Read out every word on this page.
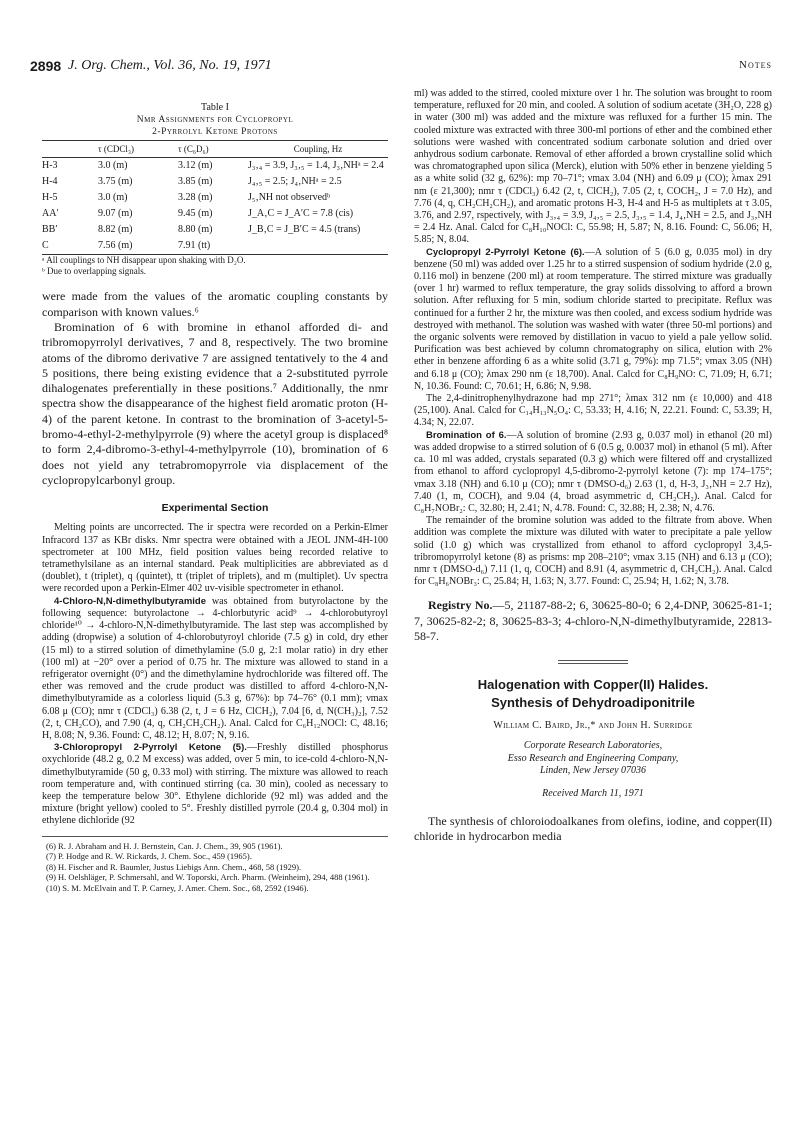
2898 J. Org. Chem., Vol. 36, No. 19, 1971	Notes
Table I
Nmr Assignments for Cyclopropyl
2-Pyrrolyl Ketone Protons
	τ (CDCl₃)	τ (C₆D₆)	Coupling, Hz
H-3	3.0 (m)	3.12 (m)	J₃‚₄ = 3.9, J₃‚₅ = 1.4, J₃‚NHᵃ = 2.4
H-4	3.75 (m)	3.85 (m)	J₄‚₅ = 2.5; J₄‚NHᵃ = 2.5
H-5	3.0 (m)	3.28 (m)	J₅‚NH not observedᵇ
AA′	9.07 (m)	9.45 (m)	J_A‚C = J_A′C = 7.8 (cis)
BB′	8.82 (m)	8.80 (m)	J_B‚C = J_B′C = 4.5 (trans)
C	7.56 (m)	7.91 (tt)	
ᵃ All couplings to NH disappear upon shaking with D₂O.
ᵇ Due to overlapping signals.

were made from the values of the aromatic coupling constants by comparison with known values.⁶

Bromination of 6 with bromine in ethanol afforded di- and tribromopyrrolyl derivatives, 7 and 8, respectively. The two bromine atoms of the dibromo derivative 7 are assigned tentatively to the 4 and 5 positions, there being existing evidence that a 2-substituted pyrrole dihalogenates preferentially in these positions.⁷ Additionally, the nmr spectra show the disappearance of the highest field aromatic proton (H-4) of the parent ketone. In contrast to the bromination of 3-acetyl-5-bromo-4-ethyl-2-methylpyrrole (9) where the acetyl group is displaced⁸ to form 2,4-dibromo-3-ethyl-4-methylpyrrole (10), bromination of 6 does not yield any tetrabromopyrrole via displacement of the cyclopropylcarbonyl group.

Experimental Section

Melting points are uncorrected. The ir spectra were recorded on a Perkin-Elmer Infracord 137 as KBr disks. Nmr spectra were obtained with a JEOL JNM-4H-100 spectrometer at 100 MHz, field position values being recorded relative to tetramethylsilane as an internal standard. Peak multiplicities are abbreviated as d (doublet), t (triplet), q (quintet), tt (triplet of triplets), and m (multiplet). Uv spectra were recorded upon a Perkin-Elmer 402 uv-visible spectrometer in ethanol.

4-Chloro-N,N-dimethylbutyramide was obtained from butyrolactone by the following sequence: butyrolactone → 4-chlorbutyric acid⁹ → 4-chlorobutyroyl chloride¹⁰ → 4-chloro-N,N-dimethylbutyramide. The last step was accomplished by adding (dropwise) a solution of 4-chlorobutyroyl chloride (7.5 g) in cold, dry ether (15 ml) to a stirred solution of dimethylamine (5.0 g, 2:1 molar ratio) in dry ether (100 ml) at −20° over a period of 0.75 hr. The mixture was allowed to stand in a refrigerator overnight (0°) and the dimethylamine hydrochloride was filtered off. The ether was removed and the crude product was distilled to afford 4-chloro-N,N-dimethylbutyramide as a colorless liquid (5.3 g, 67%): bp 74–76° (0.1 mm); νmax 6.08 μ (CO); nmr τ (CDCl₃) 6.38 (2, t, J = 6 Hz, ClCH₂), 7.04 [6, d, N(CH₃)₂], 7.52 (2, t, CH₂CO), and 7.90 (4, q, CH₂CH₂CH₂). Anal. Calcd for C₆H₁₂NOCl: C, 48.16; H, 8.08; N, 9.36. Found: C, 48.12; H, 8.07; N, 9.16.

3-Chloropropyl 2-Pyrrolyl Ketone (5).—Freshly distilled phosphorus oxychloride (48.2 g, 0.2 M excess) was added, over 5 min, to ice-cold 4-chloro-N,N-dimethylbutyramide (50 g, 0.33 mol) with stirring. The mixture was allowed to reach room temperature and, with continued stirring (ca. 30 min), cooled as necessary to keep the temperature below 30°. Ethylene dichloride (92 ml) was added and the mixture (bright yellow) cooled to 5°. Freshly distilled pyrrole (20.4 g, 0.304 mol) in ethylene dichloride (92

(6) R. J. Abraham and H. J. Bernstein, Can. J. Chem., 39, 905 (1961).
(7) P. Hodge and R. W. Rickards, J. Chem. Soc., 459 (1965).
(8) H. Fischer and R. Baumler, Justus Liebigs Ann. Chem., 468, 58 (1929).
(9) H. Oelshläger, P. Schmersahl, and W. Toporski, Arch. Pharm. (Weinheim), 294, 488 (1961).
(10) S. M. McElvain and T. P. Carney, J. Amer. Chem. Soc., 68, 2592 (1946).

ml) was added to the stirred, cooled mixture over 1 hr. The solution was brought to room temperature, refluxed for 20 min, and cooled. A solution of sodium acetate (3H₂O, 228 g) in water (300 ml) was added and the mixture was refluxed for a further 15 min. The cooled mixture was extracted with three 300-ml portions of ether and the combined ether solutions were washed with concentrated sodium carbonate solution and dried over anhydrous sodium carbonate. Removal of ether afforded a brown crystalline solid which was chromatographed upon silica (Merck), elution with 50% ether in benzene yielding 5 as a white solid (32 g, 62%): mp 70–71°; νmax 3.04 (NH) and 6.09 μ (CO); λmax 291 nm (ε 21,300); nmr τ (CDCl₃) 6.42 (2, t, ClCH₂), 7.05 (2, t, COCH₂, J = 7.0 Hz), and 7.76 (4, q, CH₂CH₂CH₂), and aromatic protons H-3, H-4 and H-5 as multiplets at τ 3.05, 3.76, and 2.97, rspectively, with J₃‚₄ = 3.9, J₄‚₅ = 2.5, J₃‚₅ = 1.4, J₄‚NH = 2.5, and J₃‚NH = 2.4 Hz. Anal. Calcd for C₈H₁₀NOCl: C, 55.98; H, 5.87; N, 8.16. Found: C, 56.06; H, 5.85; N, 8.04.

Cyclopropyl 2-Pyrrolyl Ketone (6).—A solution of 5 (6.0 g, 0.035 mol) in dry benzene (50 ml) was added over 1.25 hr to a stirred suspension of sodium hydride (2.0 g, 0.116 mol) in benzene (200 ml) at room temperature. The stirred mixture was gradually (over 1 hr) warmed to reflux temperature, the gray solids dissolving to afford a brown solution. After refluxing for 5 min, sodium chloride started to precipitate. Reflux was continued for a further 2 hr, the mixture was then cooled, and excess sodium hydride was destroyed with methanol. The solution was washed with water (three 50-ml portions) and the organic solvents were removed by distillation in vacuo to yield a pale yellow solid. Purification was best achieved by column chromatography on silica, elution with 2% ether in benzene affording 6 as a white solid (3.71 g, 79%): mp 71.5°; νmax 3.05 (NH) and 6.18 μ (CO); λmax 290 nm (ε 18,700). Anal. Calcd for C₈H₉NO: C, 71.09; H, 6.71; N, 10.36. Found: C, 70.61; H, 6.86; N, 9.98.

The 2,4-dinitrophenylhydrazone had mp 271°; λmax 312 nm (ε 10,000) and 418 (25,100). Anal. Calcd for C₁₄H₁₃N₅O₄: C, 53.33; H, 4.16; N, 22.21. Found: C, 53.39; H, 4.34; N, 22.07.

Bromination of 6.—A solution of bromine (2.93 g, 0.037 mol) in ethanol (20 ml) was added dropwise to a stirred solution of 6 (0.5 g, 0.0037 mol) in ethanol (5 ml). After ca. 10 ml was added, crystals separated (0.3 g) which were filtered off and crystallized from ethanol to afford cyclopropyl 4,5-dibromo-2-pyrrolyl ketone (7): mp 174–175°; νmax 3.18 (NH) and 6.10 μ (CO); nmr τ (DMSO-d₆) 2.63 (1, d, H-3, J₃‚NH = 2.7 Hz), 7.40 (1, m, COCH), and 9.04 (4, broad asymmetric d, CH₂CH₂). Anal. Calcd for C₈H₇NOBr₂: C, 32.80; H, 2.41; N, 4.78. Found: C, 32.88; H, 2.38; N, 4.76.

The remainder of the bromine solution was added to the filtrate from above. When addition was complete the mixture was diluted with water to precipitate a pale yellow solid (1.0 g) which was crystallized from ethanol to afford cyclopropyl 3,4,5-tribromopyrrolyl ketone (8) as prisms: mp 208–210°; νmax 3.15 (NH) and 6.13 μ (CO); nmr τ (DMSO-d₆) 7.11 (1, q, COCH) and 8.91 (4, asymmetric d, CH₂CH₂). Anal. Calcd for C₈H₆NOBr₃: C, 25.84; H, 1.63; N, 3.77. Found: C, 25.94; H, 1.62; N, 3.78.

Registry No.—5, 21187-88-2; 6, 30625-80-0; 6 2,4-DNP, 30625-81-1; 7, 30625-82-2; 8, 30625-83-3; 4-chloro-N,N-dimethylbutyramide, 22813-58-7.
Halogenation with Copper(II) Halides.
Synthesis of Dehydroadiponitrile
William C. Baird, Jr.,* and John H. Surridge
Corporate Research Laboratories,
Esso Research and Engineering Company,
Linden, New Jersey 07036
Received March 11, 1971
The synthesis of chloroiodoalkanes from olefins, iodine, and copper(II) chloride in hydrocarbon media
